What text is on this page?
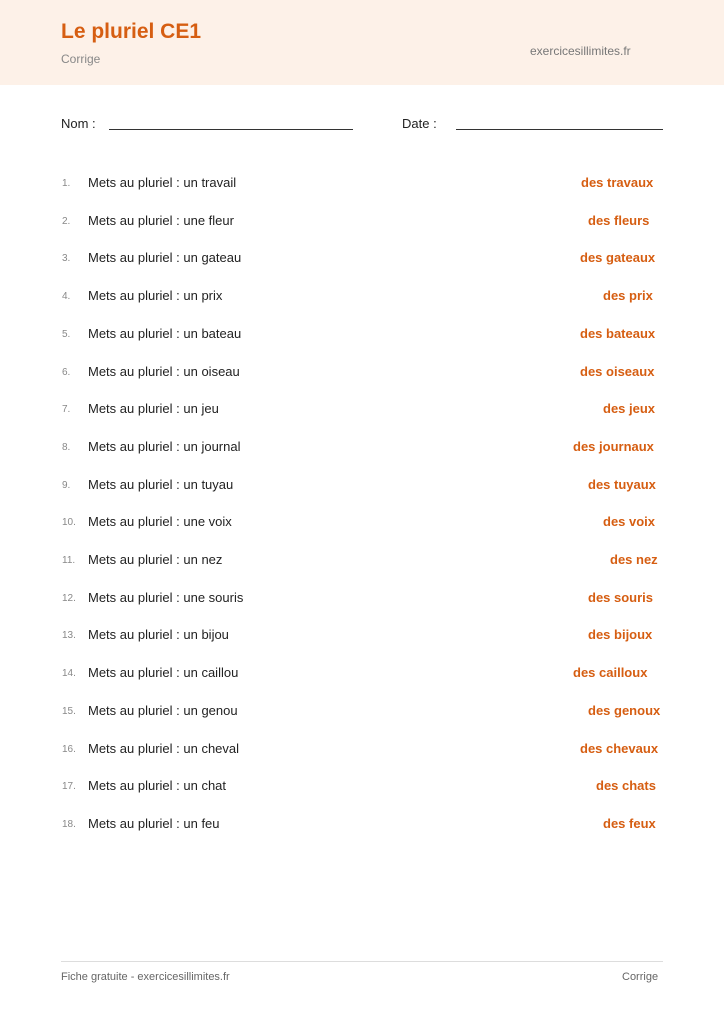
Le pluriel CE1
Corrige
exercicesillimites.fr
Nom :	Date :
1. Mets au pluriel : un travail	des travaux
2. Mets au pluriel : une fleur	des fleurs
3. Mets au pluriel : un gateau	des gateaux
4. Mets au pluriel : un prix	des prix
5. Mets au pluriel : un bateau	des bateaux
6. Mets au pluriel : un oiseau	des oiseaux
7. Mets au pluriel : un jeu	des jeux
8. Mets au pluriel : un journal	des journaux
9. Mets au pluriel : un tuyau	des tuyaux
10. Mets au pluriel : une voix	des voix
11. Mets au pluriel : un nez	des nez
12. Mets au pluriel : une souris	des souris
13. Mets au pluriel : un bijou	des bijoux
14. Mets au pluriel : un caillou	des cailloux
15. Mets au pluriel : un genou	des genoux
16. Mets au pluriel : un cheval	des chevaux
17. Mets au pluriel : un chat	des chats
18. Mets au pluriel : un feu	des feux
Fiche gratuite - exercicesillimites.fr	Corrige
